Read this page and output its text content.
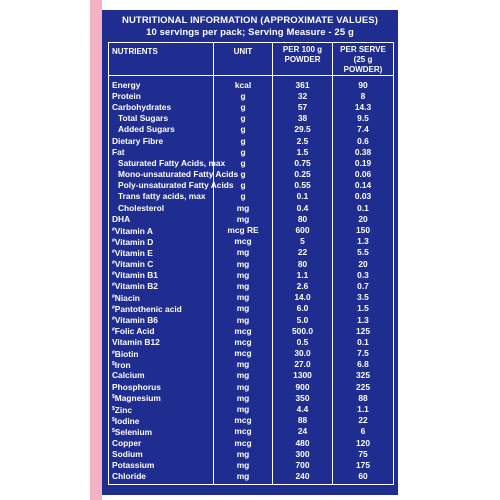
NUTRITIONAL INFORMATION (APPROXIMATE VALUES)
10 servings per pack; Serving Measure - 25 g
NUTRIENTS	UNIT	PER 100 g POWDER	PER SERVE (25 g POWDER)
Energy	kcal	361	90
Protein	g	32	8
Carbohydrates	g	57	14.3
Total Sugars	g	38	9.5
Added Sugars	g	29.5	7.4
Dietary Fibre	g	2.5	0.6
Fat	g	1.5	0.38
Saturated Fatty Acids, max	g	0.75	0.19
Mono-unsaturated Fatty Acids	g	0.25	0.06
Poly-unsaturated Fatty Acids	g	0.55	0.14
Trans fatty acids, max	g	0.1	0.03
Cholesterol	mg	0.4	0.1
DHA	mg	80	20
#Vitamin A	mcg RE	600	150
#Vitamin D	mcg	5	1.3
#Vitamin E	mg	22	5.5
#Vitamin C	mg	80	20
#Vitamin B1	mg	1.1	0.3
#Vitamin B2	mg	2.6	0.7
#Niacin	mg	14.0	3.5
#Pantothenic acid	mg	6.0	1.5
#Vitamin B6	mg	5.0	1.3
#Folic Acid	mcg	500.0	125
Vitamin B12	mcg	0.5	0.1
#Biotin	mcg	30.0	7.5
$Iron	mg	27.0	6.8
Calcium	mg	1300	325
Phosphorus	mg	900	225
$Magnesium	mg	350	88
$Zinc	mg	4.4	1.1
$Iodine	mcg	88	22
$Selenium	mcg	24	6
Copper	mcg	480	120
Sodium	mg	300	75
Potassium	mg	700	175
Chloride	mg	240	60
